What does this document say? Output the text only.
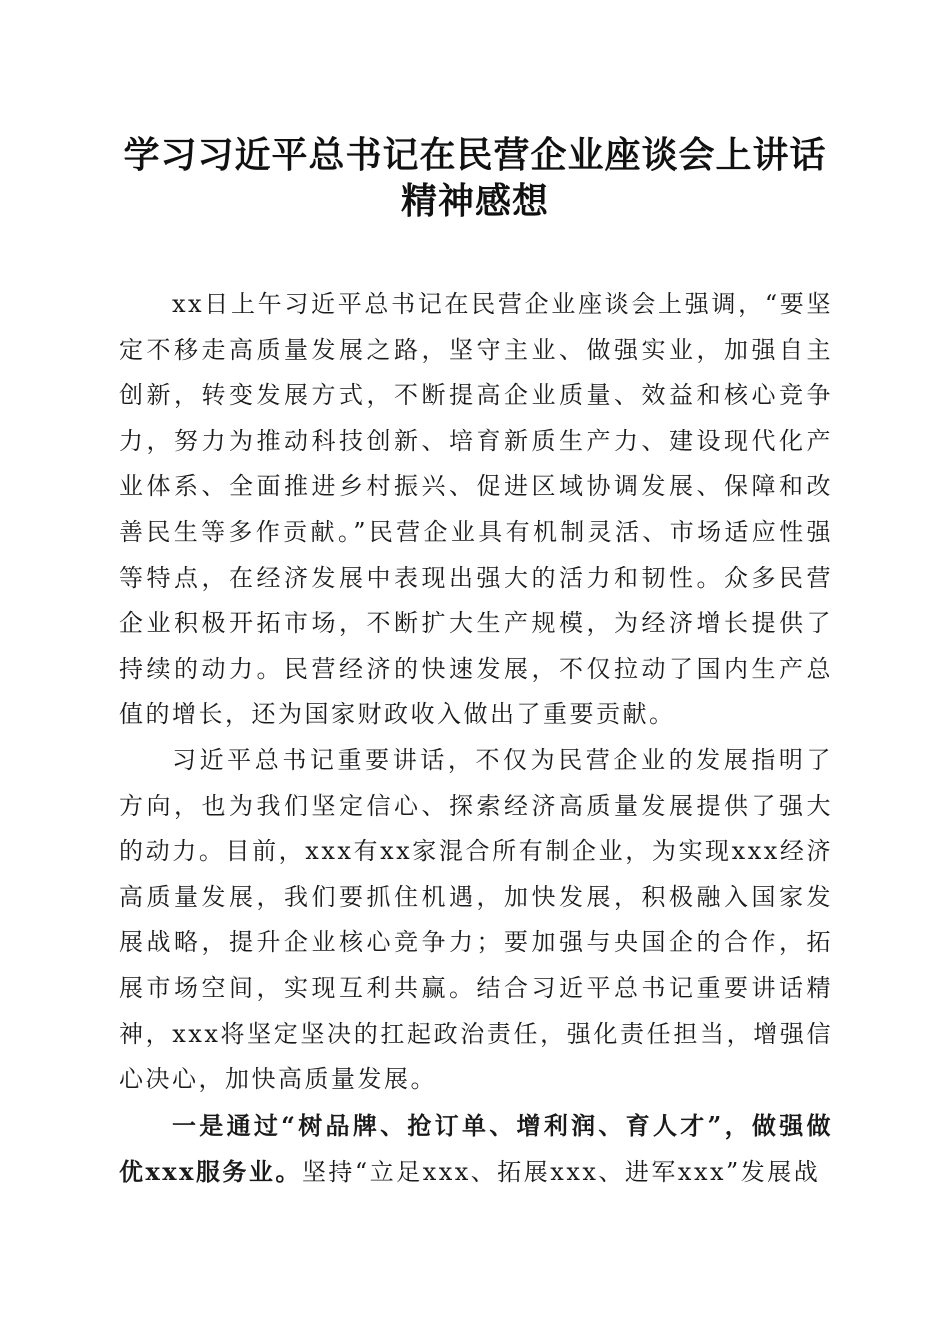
学习习近平总书记在民营企业座谈会上讲话精神感想

xx日上午习近平总书记在民营企业座谈会上强调，“要坚定不移走高质量发展之路，坚守主业、做强实业，加强自主创新，转变发展方式，不断提高企业质量、效益和核心竞争力，努力为推动科技创新、培育新质生产力、建设现代化产业体系、全面推进乡村振兴、促进区域协调发展、保障和改善民生等多作贡献。”民营企业具有机制灵活、市场适应性强等特点，在经济发展中表现出强大的活力和韧性。众多民营企业积极开拓市场，不断扩大生产规模，为经济增长提供了持续的动力。民营经济的快速发展，不仅拉动了国内生产总值的增长，还为国家财政收入做出了重要贡献。

习近平总书记重要讲话，不仅为民营企业的发展指明了方向，也为我们坚定信心、探索经济高质量发展提供了强大的动力。目前，xxx有xx家混合所有制企业，为实现xxx经济高质量发展，我们要抓住机遇，加快发展，积极融入国家发展战略，提升企业核心竞争力；要加强与央国企的合作，拓展市场空间，实现互利共赢。结合习近平总书记重要讲话精神，xxx将坚定坚决的扛起政治责任，强化责任担当，增强信心决心，加快高质量发展。

一是通过“树品牌、抢订单、增利润、育人才”，做强做优xxx服务业。坚持“立足xxx、拓展xxx、进军xxx”发展战
